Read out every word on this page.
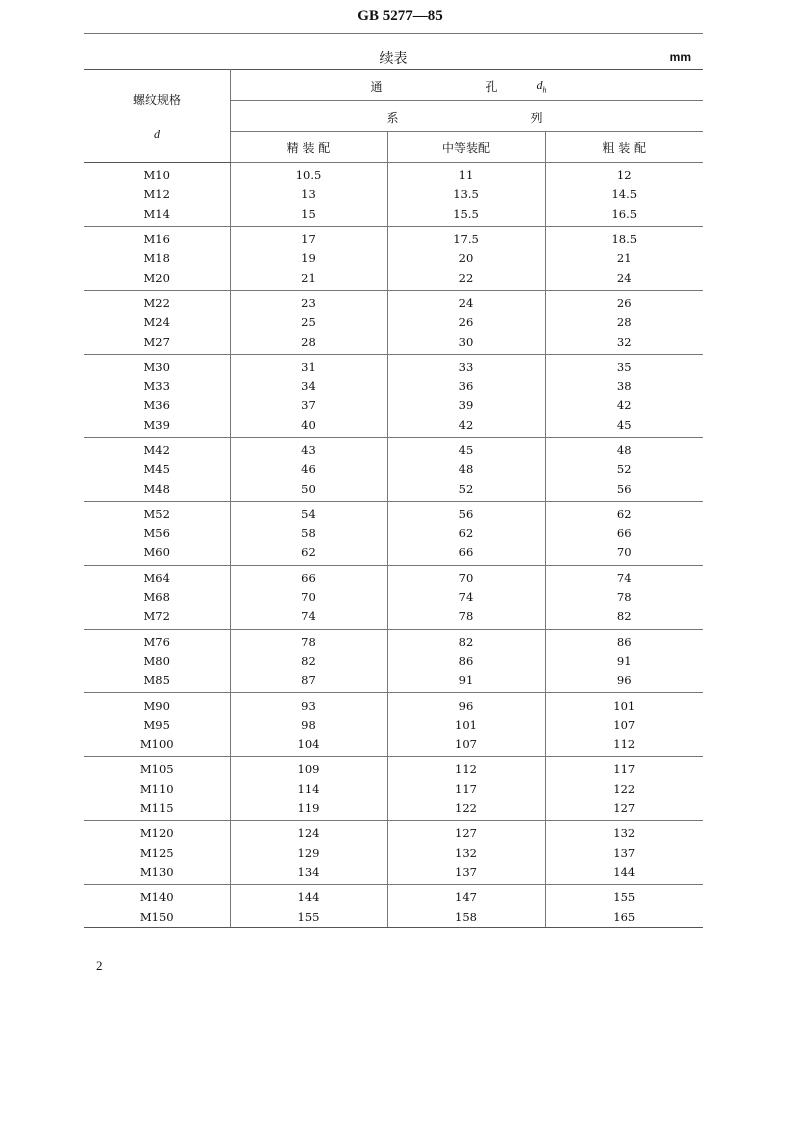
GB 5277—85
续表	mm
螺纹规格
d	通 孔 $d_h$

	系 列		

	精 装 配	中等装配	粗 装 配
M10	10.5	11	12
M12	13	13.5	14.5
M14	15	15.5	16.5
M16	17	17.5	18.5
M18	19	20	21
M20	21	22	24
M22	23	24	26
M24	25	26	28
M27	28	30	32
M30	31	33	35
M33	34	36	38
M36	37	39	42
M39	40	42	45
M42	43	45	48
M45	46	48	52
M48	50	52	56
M52	54	56	62
M56	58	62	66
M60	62	66	70
M64	66	70	74
M68	70	74	78
M72	74	78	82
M76	78	82	86
M80	82	86	91
M85	87	91	96
M90	93	96	101
M95	98	101	107
M100	104	107	112
M105	109	112	117
M110	114	117	122
M115	119	122	127
M120	124	127	132
M125	129	132	137
M130	134	137	144
M140	144	147	155
M150	155	158	165
2
